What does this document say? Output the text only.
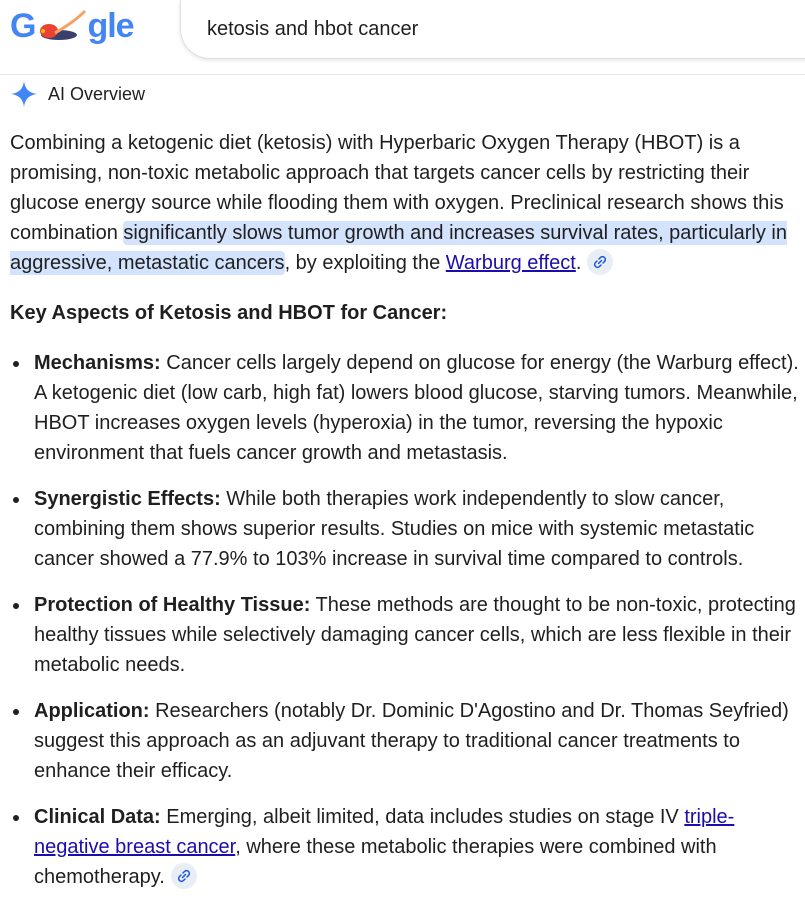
G gle
ketosis and hbot cancer
AI Overview

Combining a ketogenic diet (ketosis) with Hyperbaric Oxygen Therapy (HBOT) is a promising, non-toxic metabolic approach that targets cancer cells by restricting their glucose energy source while flooding them with oxygen. Preclinical research shows this combination significantly slows tumor growth and increases survival rates, particularly in aggressive, metastatic cancers, by exploiting the Warburg effect.

Key Aspects of Ketosis and HBOT for Cancer:
Mechanisms: Cancer cells largely depend on glucose for energy (the Warburg effect). A ketogenic diet (low carb, high fat) lowers blood glucose, starving tumors. Meanwhile, HBOT increases oxygen levels (hyperoxia) in the tumor, reversing the hypoxic environment that fuels cancer growth and metastasis.
Synergistic Effects: While both therapies work independently to slow cancer, combining them shows superior results. Studies on mice with systemic metastatic cancer showed a 77.9% to 103% increase in survival time compared to controls.
Protection of Healthy Tissue: These methods are thought to be non-toxic, protecting healthy tissues while selectively damaging cancer cells, which are less flexible in their metabolic needs.
Application: Researchers (notably Dr. Dominic D'Agostino and Dr. Thomas Seyfried) suggest this approach as an adjuvant therapy to traditional cancer treatments to enhance their efficacy.
Clinical Data: Emerging, albeit limited, data includes studies on stage IV triple-negative breast cancer, where these metabolic therapies were combined with chemotherapy.
